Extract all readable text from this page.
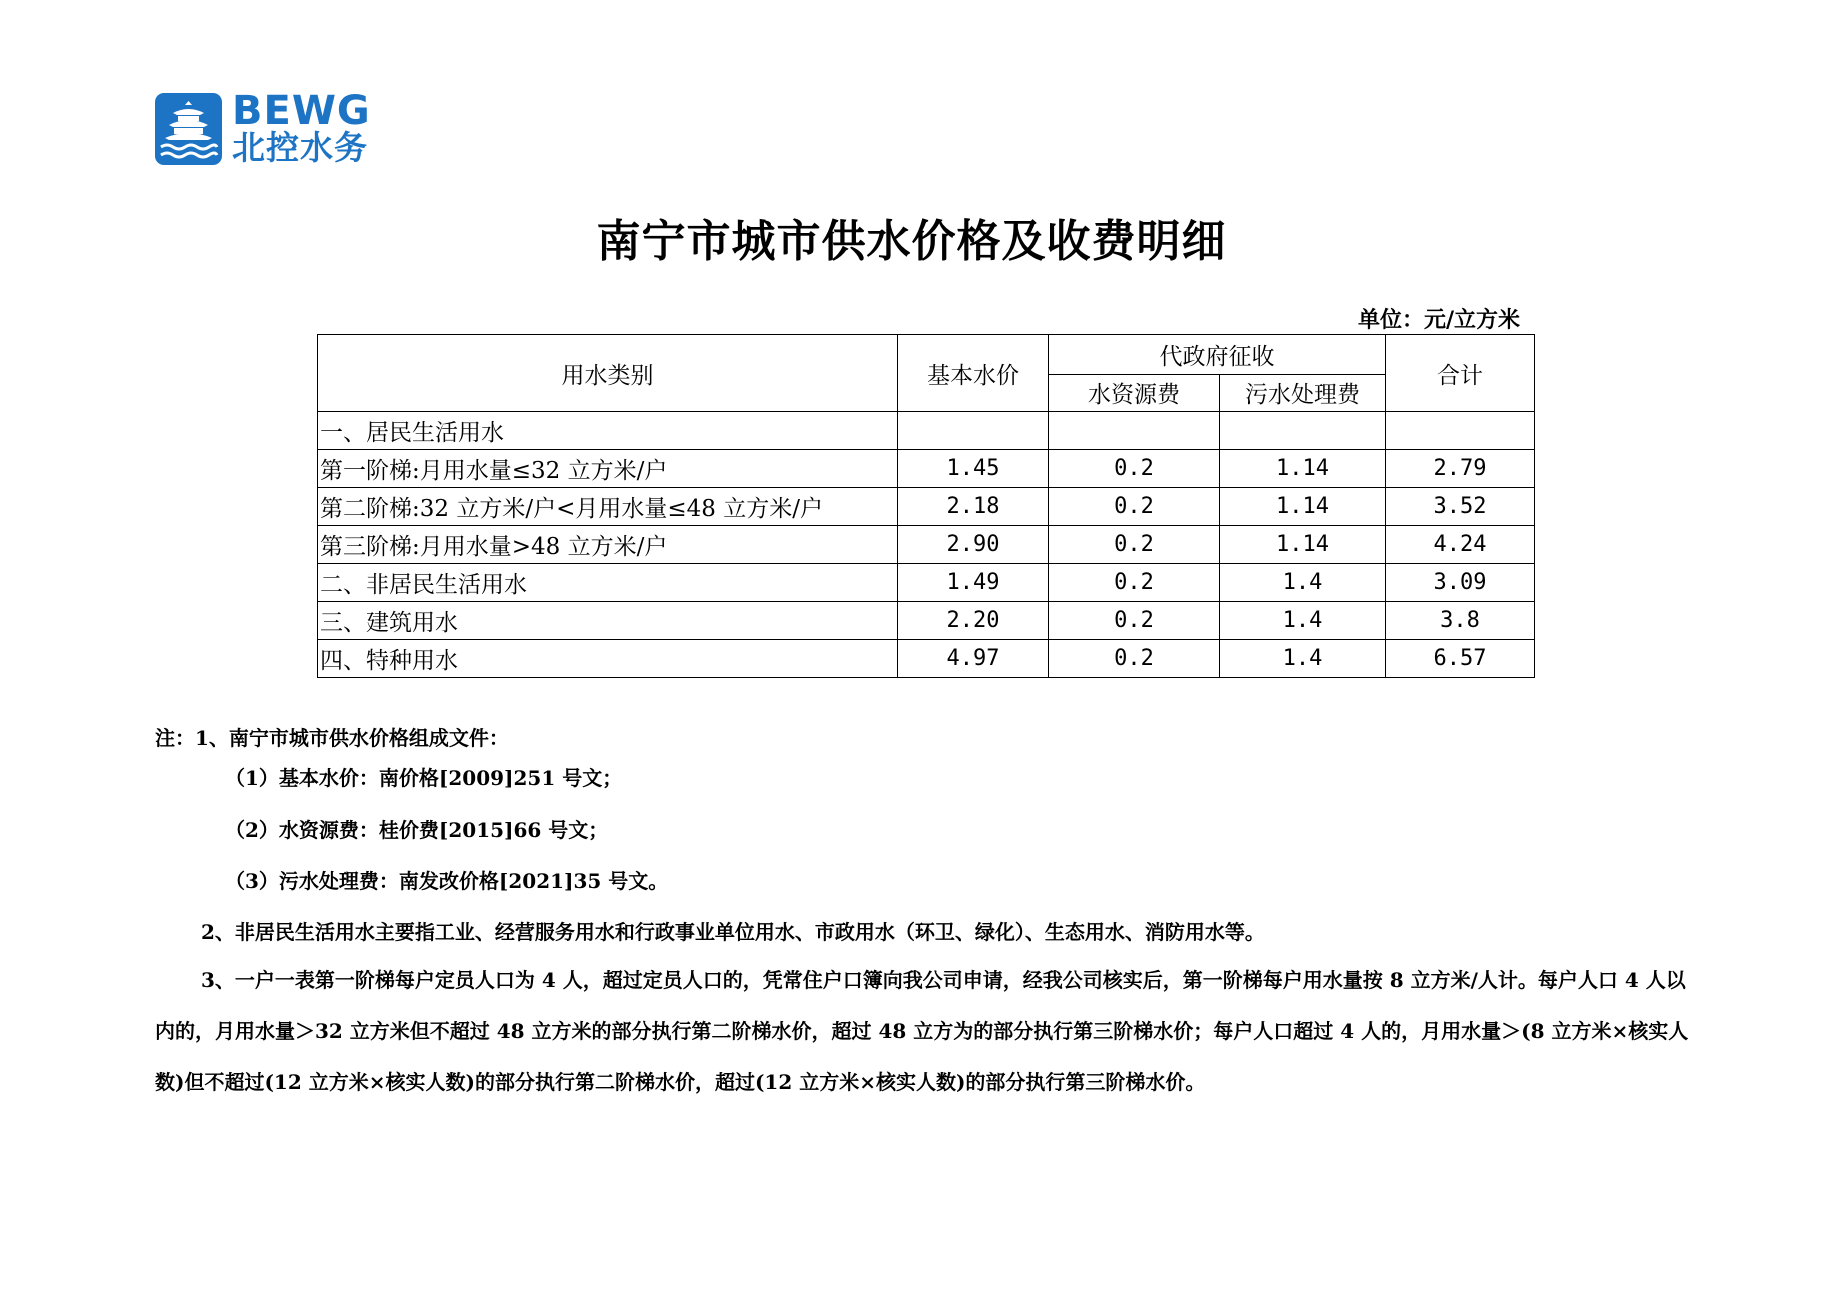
BEWG
北控水务
南宁市城市供水价格及收费明细
单位：元/立方米
用水类别	基本水价	代政府征收		合计
		水资源费	污水处理费	
一、居民生活用水				
第一阶梯:月用水量≤32 立方米/户	1.45	0.2	1.14	2.79
第二阶梯:32 立方米/户<月用水量≤48 立方米/户	2.18	0.2	1.14	3.52
第三阶梯:月用水量>48 立方米/户	2.90	0.2	1.14	4.24
二、非居民生活用水	1.49	0.2	1.4	3.09
三、建筑用水	2.20	0.2	1.4	3.8
四、特种用水	4.97	0.2	1.4	6.57
注：1、南宁市城市供水价格组成文件：
（1）基本水价：南价格[2009]251 号文；
（2）水资源费：桂价费[2015]66 号文；
（3）污水处理费：南发改价格[2021]35 号文。
2、非居民生活用水主要指工业、经营服务用水和行政事业单位用水、市政用水（环卫、绿化）、生态用水、消防用水等。
3、一户一表第一阶梯每户定员人口为 4 人，超过定员人口的，凭常住户口簿向我公司申请，经我公司核实后，第一阶梯每户用水量按 8 立方米/人计。每户人口 4 人以内的，月用水量＞32 立方米但不超过 48 立方米的部分执行第二阶梯水价，超过 48 立方为的部分执行第三阶梯水价；每户人口超过 4 人的，月用水量＞(8 立方米×核实人数)但不超过(12 立方米×核实人数)的部分执行第二阶梯水价，超过(12 立方米×核实人数)的部分执行第三阶梯水价。
